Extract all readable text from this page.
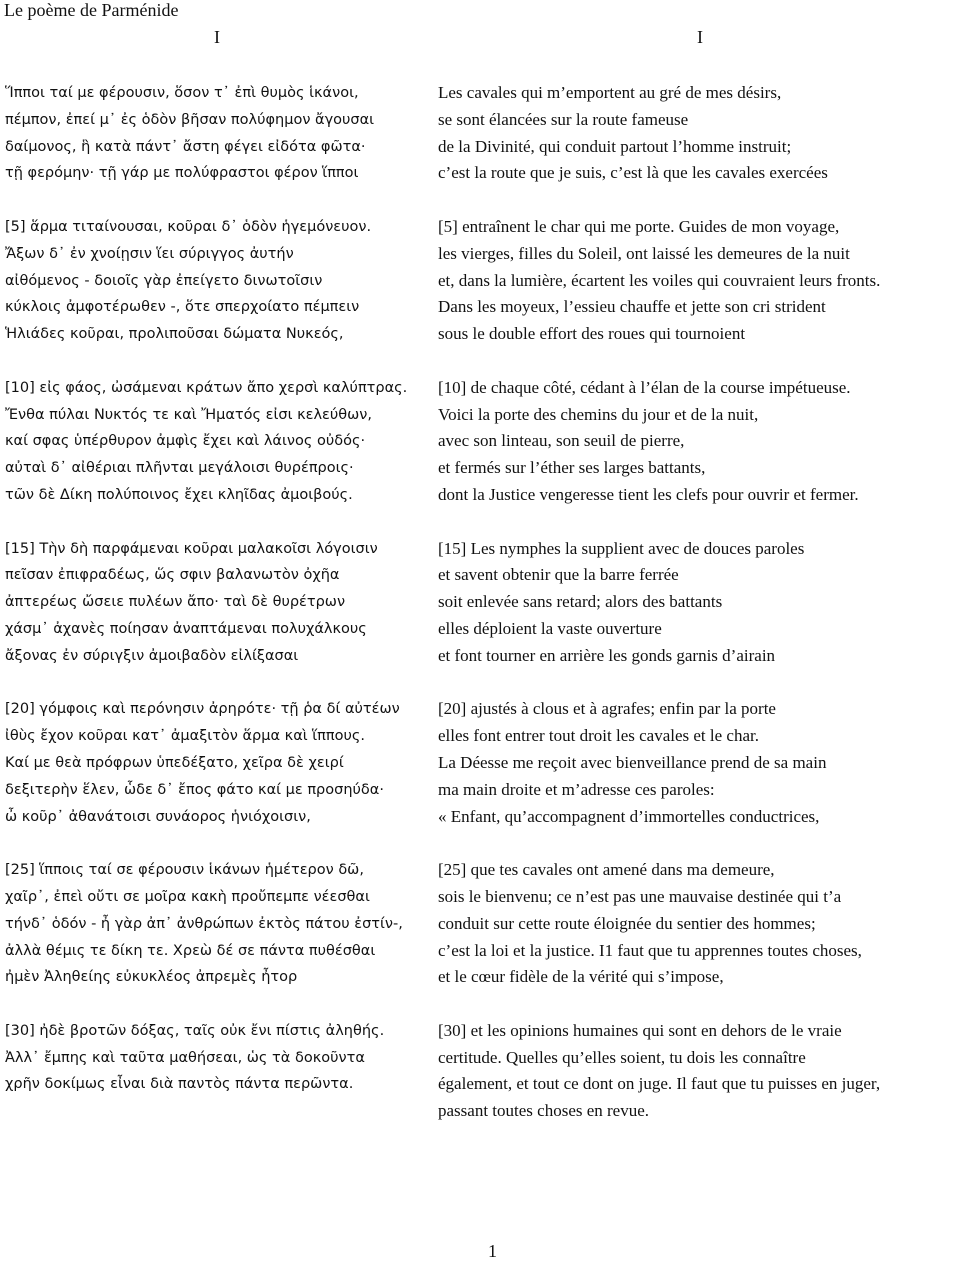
Le poème de Parménide
I	I
Ἵπποι ταί με φέρουσιν, ὅσον τ᾽ ἐπὶ θυμὸς ἱκάνοι,
πέμπον, ἐπεί μ᾽ ἐς ὁδὸν βῆσαν πολύφημον ἄγουσαι
δαίμονος, ἣ κατὰ πάντ᾽ ἄστη φέγει εἰδότα φῶτα·
τῇ φερόμην· τῇ γάρ με πολύφραστοι φέρον ἵπποι
[5] ἅρμα τιταίνουσαι, κοῦραι δ᾽ ὁδὸν ἡγεμόνευον.
Ἄξων δ᾽ ἐν χνοίῃσιν ἵει σύριγγος ἀυτήν
αἰθόμενος - δοιοῖς γὰρ ἐπείγετο δινωτοῖσιν
κύκλοις ἀμφοτέρωθεν -, ὅτε σπερχοίατο πέμπειν
Ἡλιάδες κοῦραι, προλιποῦσαι δώματα Νυκεός,
[10] εἰς φάος, ὠσάμεναι κράτων ἄπο χερσὶ καλύπτρας.
Ἔνθα πύλαι Νυκτός τε καὶ Ἤματός εἰσι κελεύθων,
καί σφας ὑπέρθυρον ἀμφὶς ἔχει καὶ λάινος οὐδός·
αὐταὶ δ᾽ αἰθέριαι πλῆνται μεγάλοισι θυρέπροις·
τῶν δὲ Δίκη πολύποινος ἔχει κληῖδας ἀμοιβούς.
[15] Τὴν δὴ παρφάμεναι κοῦραι μαλακοῖσι λόγοισιν
πεῖσαν ἐπιφραδέως, ὥς σφιν βαλανωτὸν ὀχῆα
ἀπτερέως ὤσειε πυλέων ἄπο· ταὶ δὲ θυρέτρων
χάσμ᾽ ἀχανὲς ποίησαν ἀναπτάμεναι πολυχάλκους
ἄξονας ἐν σύριγξιν ἀμοιβαδὸν εἰλίξασαι
[20] γόμφοις καὶ περόνησιν ἀρηρότε· τῇ ῥα δί αὐτέων
ἰθὺς ἔχον κοῦραι κατ᾽ ἀμαξιτὸν ἅρμα καὶ ἵππους.
Καί με θεὰ πρόφρων ὑπεδέξατο, χεῖρα δὲ χειρί
δεξιτερὴν ἕλεν, ὧδε δ᾽ ἔπος φάτο καί με προσηύδα·
ὦ κοῦρ᾽ ἀθανάτοισι συνάορος ἡνιόχοισιν,
[25] ἵπποις ταί σε φέρουσιν ἱκάνων ἡμέτερον δῶ,
χαῖρ᾽, ἐπεὶ οὔτι σε μοῖρα κακὴ προὔπεμπε νέεσθαι
τήνδ᾽ ὁδόν - ἦ γὰρ ἀπ᾽ ἀνθρώπων ἐκτὸς πάτου ἐστίν-,
ἀλλὰ θέμις τε δίκη τε. Χρεὼ δέ σε πάντα πυθέσθαι
ἠμὲν Ἀληθείης εὐκυκλέος ἀπρεμὲς ἦτορ
[30] ἠδὲ βροτῶν δόξας, ταῖς οὐκ ἔνι πίστις ἀληθής.
Ἀλλ᾽ ἔμπης καὶ ταῦτα μαθήσεαι, ὡς τὰ δοκοῦντα
χρῆν δοκίμως εἶναι διὰ παντὸς πάντα περῶντα.
Les cavales qui m’emportent au gré de mes désirs,
se sont élancées sur la route fameuse
de la Divinité, qui conduit partout l’homme instruit;
c’est la route que je suis, c’est là que les cavales exercées
[5] entraînent le char qui me porte. Guides de mon voyage,
les vierges, filles du Soleil, ont laissé les demeures de la nuit
et, dans la lumière, écartent les voiles qui couvraient leurs fronts.
Dans les moyeux, l’essieu chauffe et jette son cri strident
sous le double effort des roues qui tournoient
[10] de chaque côté, cédant à l’élan de la course impétueuse.
Voici la porte des chemins du jour et de la nuit,
avec son linteau, son seuil de pierre,
et fermés sur l’éther ses larges battants,
dont la Justice vengeresse tient les clefs pour ouvrir et fermer.
[15] Les nymphes la supplient avec de douces paroles
et savent obtenir que la barre ferrée
soit enlevée sans retard; alors des battants
elles déploient la vaste ouverture
et font tourner en arrière les gonds garnis d’airain
[20] ajustés à clous et à agrafes; enfin par la porte
elles font entrer tout droit les cavales et le char.
La Déesse me reçoit avec bienveillance prend de sa main
ma main droite et m’adresse ces paroles:
« Enfant, qu’accompagnent d’immortelles conductrices,
[25] que tes cavales ont amené dans ma demeure,
sois le bienvenu; ce n’est pas une mauvaise destinée qui t’a
conduit sur cette route éloignée du sentier des hommes;
c’est la loi et la justice. I1 faut que tu apprennes toutes choses,
et le cœur fidèle de la vérité qui s’impose,
[30] et les opinions humaines qui sont en dehors de le vraie
certitude. Quelles qu’elles soient, tu dois les connaître
également, et tout ce dont on juge. Il faut que tu puisses en juger,
passant toutes choses en revue.
1
